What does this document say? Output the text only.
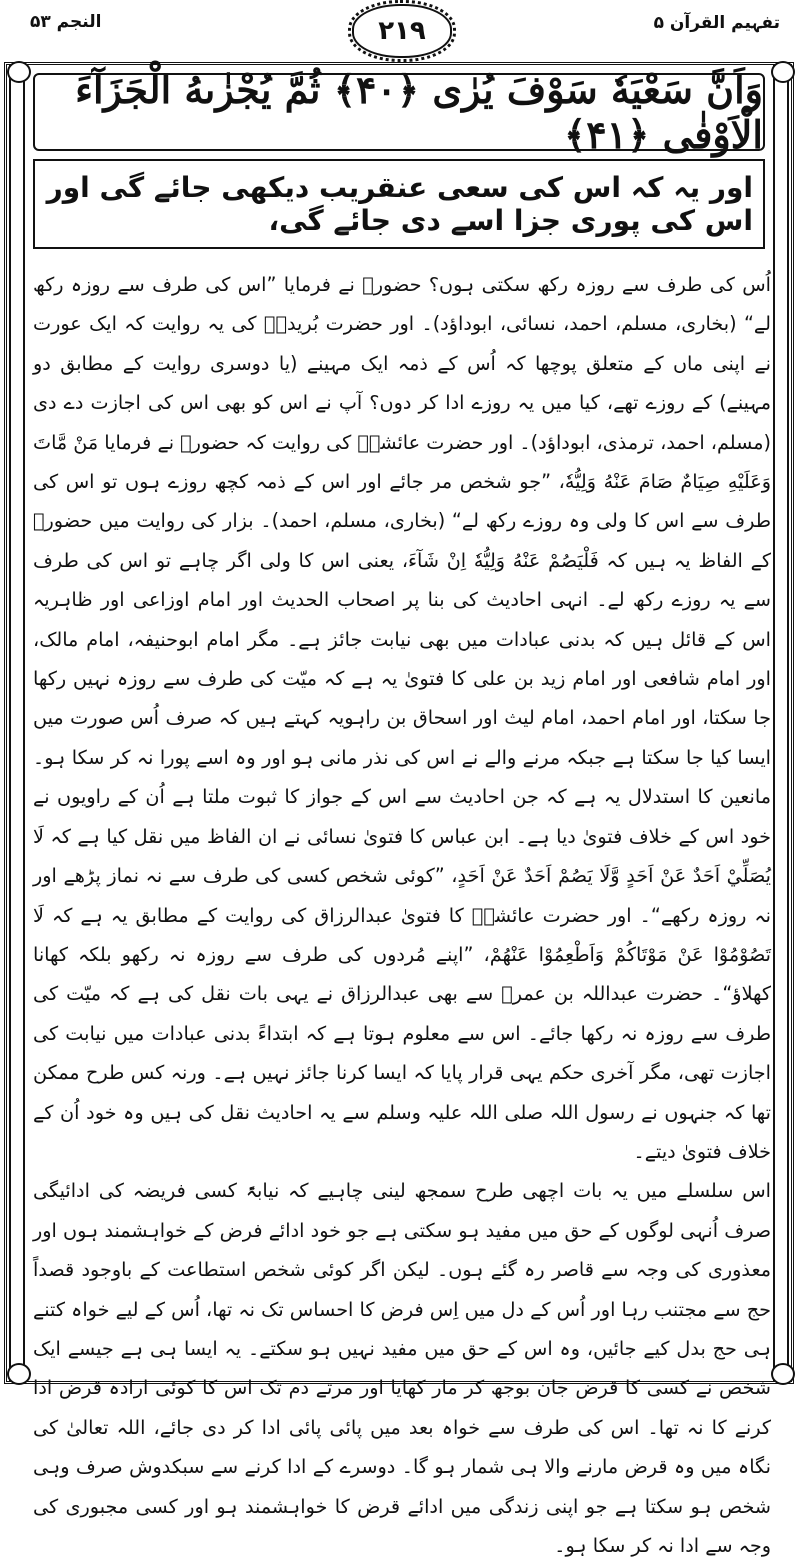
تفہیم القرآن ۵
۲۱۹
النجم ۵۳
وَاَنَّ سَعْيَهٗ سَوْفَ يُرٰى ﴿۴۰﴾ ثُمَّ يُجْزٰىهُ الْجَزَآءَ الْاَوْفٰى ﴿۴۱﴾
اور یہ کہ اس کی سعی عنقریب دیکھی جائے گی اور اس کی پوری جزا اسے دی جائے گی،

اُس کی طرف سے روزہ رکھ سکتی ہوں؟ حضورؐ نے فرمایا ”اس کی طرف سے روزہ رکھ لے“ (بخاری، مسلم، احمد، نسائی، ابوداؤد)۔ اور حضرت بُریدہؓ کی یہ روایت کہ ایک عورت نے اپنی ماں کے متعلق پوچھا کہ اُس کے ذمہ ایک مہینے (یا دوسری روایت کے مطابق دو مہینے) کے روزے تھے، کیا میں یہ روزے ادا کر دوں؟ آپ نے اس کو بھی اس کی اجازت دے دی (مسلم، احمد، ترمذی، ابوداؤد)۔ اور حضرت عائشہؓ کی روایت کہ حضورؐ نے فرمایا مَنْ مَّاتَ وَعَلَيْهِ صِيَامٌ صَامَ عَنْهُ وَلِيُّهٗ، ”جو شخص مر جائے اور اس کے ذمہ کچھ روزے ہوں تو اس کی طرف سے اس کا ولی وہ روزے رکھ لے“ (بخاری، مسلم، احمد)۔ بزار کی روایت میں حضورؐ کے الفاظ یہ ہیں کہ فَلْيَصُمْ عَنْهُ وَلِيُّهٗ اِنْ شَآءَ، یعنی اس کا ولی اگر چاہے تو اس کی طرف سے یہ روزے رکھ لے۔ انہی احادیث کی بنا پر اصحاب الحدیث اور امام اوزاعی اور ظاہریہ اس کے قائل ہیں کہ بدنی عبادات میں بھی نیابت جائز ہے۔ مگر امام ابوحنیفہ، امام مالک، اور امام شافعی اور امام زید بن علی کا فتویٰ یہ ہے کہ میّت کی طرف سے روزہ نہیں رکھا جا سکتا، اور امام احمد، امام لیث اور اسحاق بن راہویہ کہتے ہیں کہ صرف اُس صورت میں ایسا کیا جا سکتا ہے جبکہ مرنے والے نے اس کی نذر مانی ہو اور وہ اسے پورا نہ کر سکا ہو۔ مانعین کا استدلال یہ ہے کہ جن احادیث سے اس کے جواز کا ثبوت ملتا ہے اُن کے راویوں نے خود اس کے خلاف فتویٰ دیا ہے۔ ابن عباس کا فتویٰ نسائی نے ان الفاظ میں نقل کیا ہے کہ لَا يُصَلِّيْ اَحَدٌ عَنْ اَحَدٍ وَّلَا يَصُمْ اَحَدٌ عَنْ اَحَدٍ، ”کوئی شخص کسی کی طرف سے نہ نماز پڑھے اور نہ روزہ رکھے“۔ اور حضرت عائشہؓ کا فتویٰ عبدالرزاق کی روایت کے مطابق یہ ہے کہ لَا تَصُوْمُوْا عَنْ مَوْتَاكُمْ وَاَطْعِمُوْا عَنْهُمْ، ”اپنے مُردوں کی طرف سے روزہ نہ رکھو بلکہ کھانا کھلاؤ“۔ حضرت عبداللہ بن عمرؓ سے بھی عبدالرزاق نے یہی بات نقل کی ہے کہ میّت کی طرف سے روزہ نہ رکھا جائے۔ اس سے معلوم ہوتا ہے کہ ابتداءً بدنی عبادات میں نیابت کی اجازت تھی، مگر آخری حکم یہی قرار پایا کہ ایسا کرنا جائز نہیں ہے۔ ورنہ کس طرح ممکن تھا کہ جنہوں نے رسول اللہ صلی اللہ علیہ وسلم سے یہ احادیث نقل کی ہیں وہ خود اُن کے خلاف فتویٰ دیتے۔

اس سلسلے میں یہ بات اچھی طرح سمجھ لینی چاہیے کہ نیابۃً کسی فریضہ کی ادائیگی صرف اُنہی لوگوں کے حق میں مفید ہو سکتی ہے جو خود ادائے فرض کے خواہشمند ہوں اور معذوری کی وجہ سے قاصر رہ گئے ہوں۔ لیکن اگر کوئی شخص استطاعت کے باوجود قصداً حج سے مجتنب رہا اور اُس کے دل میں اِس فرض کا احساس تک نہ تھا، اُس کے لیے خواہ کتنے ہی حج بدل کیے جائیں، وہ اس کے حق میں مفید نہیں ہو سکتے۔ یہ ایسا ہی ہے جیسے ایک شخص نے کسی کا قرض جان بوجھ کر مار کھایا اور مرتے دم تک اس کا کوئی ارادہ قرض ادا کرنے کا نہ تھا۔ اس کی طرف سے خواہ بعد میں پائی پائی ادا کر دی جائے، اللہ تعالیٰ کی نگاہ میں وہ قرض مارنے والا ہی شمار ہو گا۔ دوسرے کے ادا کرنے سے سبکدوش صرف وہی شخص ہو سکتا ہے جو اپنی زندگی میں ادائے قرض کا خواہشمند ہو اور کسی مجبوری کی وجہ سے ادا نہ کر سکا ہو۔
